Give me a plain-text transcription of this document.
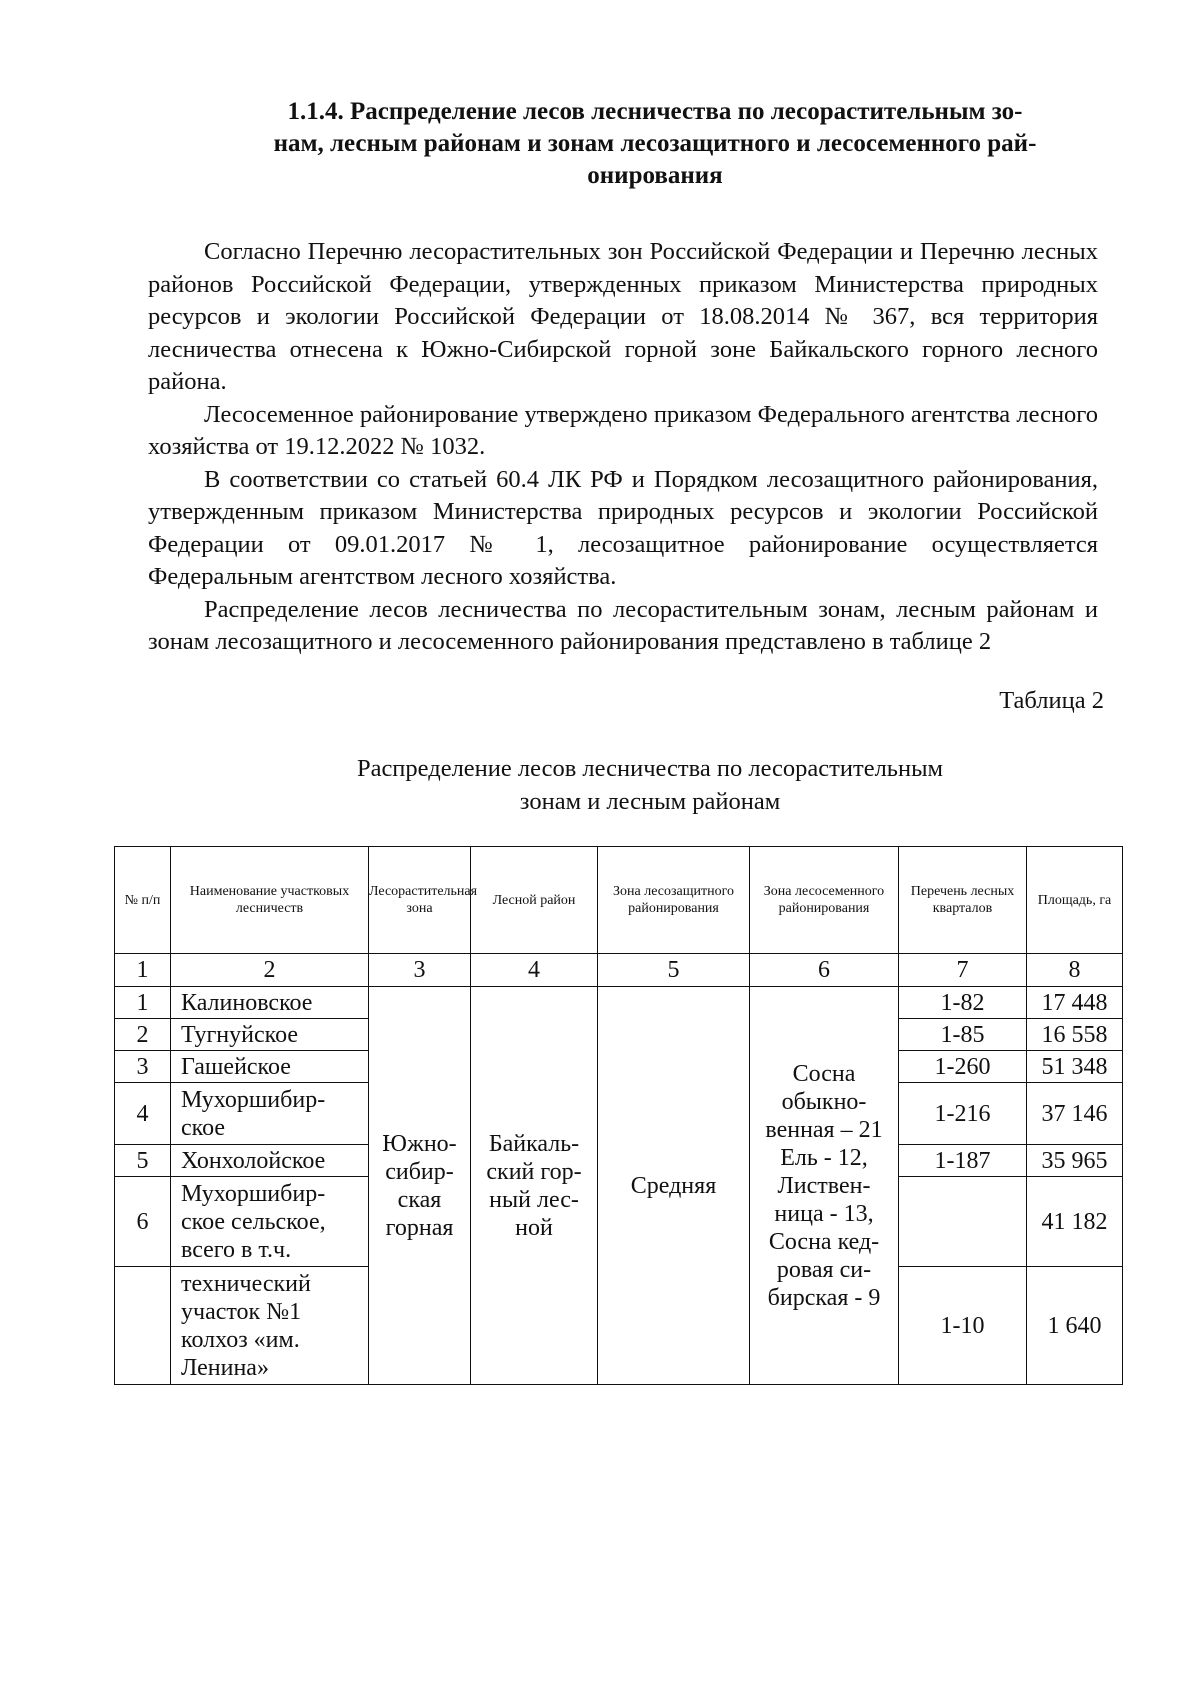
1.1.4. Распределение лесов лесничества по лесорастительным зо-
нам, лесным районам и зонам лесозащитного и лесосеменного рай-
онирования

Согласно Перечню лесорастительных зон Российской Федерации и Перечню лесных районов Российской Федерации, утвержденных приказом Министерства природных ресурсов и экологии Российской Федерации от 18.08.2014 № 367, вся территория лесничества отнесена к Южно-Сибирской горной зоне Байкальского горного лесного района.

Лесосеменное районирование утверждено приказом Федерального агентства лесного хозяйства от 19.12.2022 № 1032.

В соответствии со статьей 60.4 ЛК РФ и Порядком лесозащитного районирования, утвержденным приказом Министерства природных ресурсов и экологии Российской Федерации от 09.01.2017 № 1, лесозащитное районирование осуществляется Федеральным агентством лесного хозяйства.

Распределение лесов лесничества по лесорастительным зонам, лесным районам и зонам лесозащитного и лесосеменного районирования представлено в таблице 2

Таблица 2
Распределение лесов лесничества по лесорастительным
зонам и лесным районам
№ п/п	Наименование участковых лесничеств	Лесорастительная зона	Лесной район	Зона лесозащитного районирования	Зона лесосеменного районирования	Перечень лесных кварталов	Площадь, га
1	2	3	4	5	6	7	8
1	Калиновское	Южно- сибир- ская горная	Байкаль- ский гор- ный лес- ной	Средняя	Сосна обыкно- венная – 21 Ель - 12, Листвен- ница - 13, Сосна кед- ровая си- бирская - 9	1-82	17 448
2	Тугнуйское					1-85	16 558
3	Гашейское					1-260	51 348
4	Мухоршибир- ское					1-216	37 146
5	Хонхолойское					1-187	35 965
6	Мухоршибир- ское сельское, всего в т.ч.						41 182
	технический участок №1 колхоз «им. Ленина»					1-10	1 640
